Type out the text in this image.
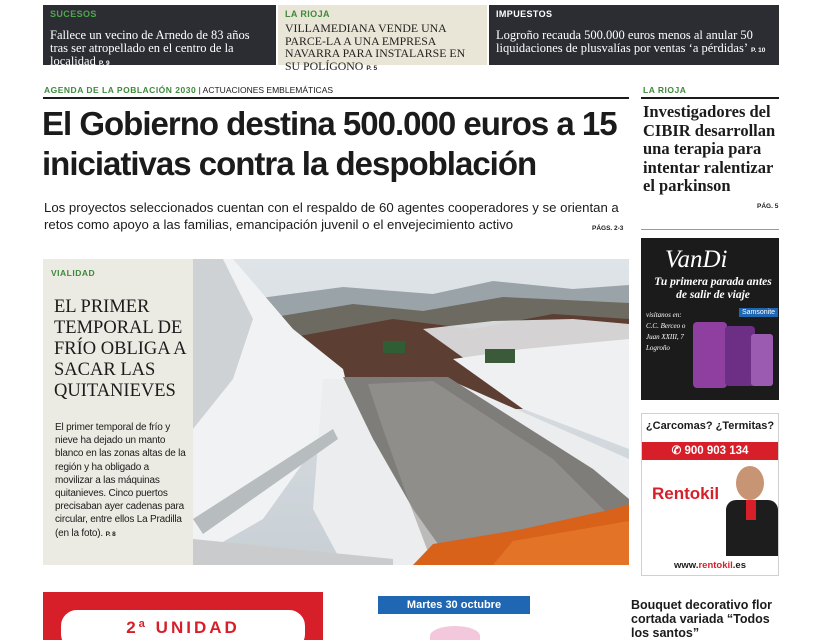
SUCESOS
Fallece un vecino de Arnedo de 83 años tras ser atropellado en el centro de la localidad P. 9
LA RIOJA
VILLAMEDIANA VENDE UNA PARCE-LA A UNA EMPRESA NAVARRA PARA INSTALARSE EN SU POLÍGONO P. 5
IMPUESTOS
Logroño recauda 500.000 euros menos al anular 50 liquidaciones de plusvalías por ventas ‘a pérdidas’ P. 10
AGENDA DE LA POBLACIÓN 2030 | ACTUACIONES EMBLEMÁTICAS
El Gobierno destina 500.000 euros a 15 iniciativas contra la despoblación
Los proyectos seleccionados cuentan con el respaldo de 60 agentes cooperadores y se orientan a retos como apoyo a las familias, emancipación juvenil o el envejecimiento activo	PÁGS. 2-3
VIALIDAD
EL PRIMER TEMPORAL DE FRÍO OBLIGA A SACAR LAS QUITANIEVES
El primer temporal de frío y nieve ha dejado un manto blanco en las zonas altas de la región y ha obligado a movilizar a las máquinas quitanieves. Cinco puertos precisaban ayer cadenas para circular, entre ellos La Pradilla (en la foto). P. 8
LA RIOJA
Investigadores del CIBIR desarrollan una terapia para intentar ralentizar el parkinson
PÁG. 5
VanDi
Tu primera parada antes de salir de viaje
visítanos en: C.C. Berceo o Juan XXIII, 7 Logroño
Samsonite
¿Carcomas? ¿Termitas?
✆ 900 903 134
Rentokil
www.rentokil.es
2ª UNIDAD
Martes 30 octubre	Bouquet decorativo flor cortada variada “Todos los santos”
